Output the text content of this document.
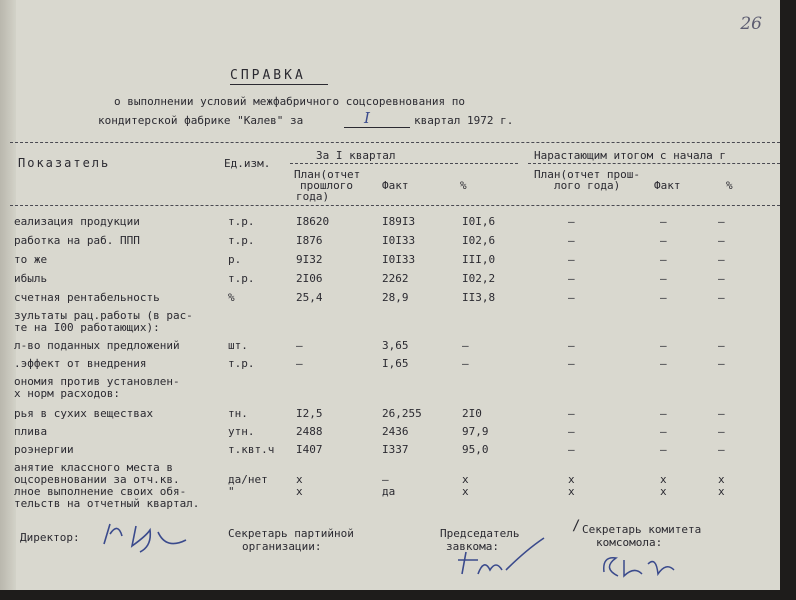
26
СПРАВКА
о выполнении условий межфабричного соцсоревнования по
кондитерской фабрике "Калев" за	I	квартал 1972 г.
Показатель	Ед.изм.
За I квартал	Нарастающим итогом с начала г
План(отчет
прошлого
года)
Факт	%
План(отчет прош-
лого года)	Факт	%
еализация продукции	т.р.	I8620	I89I3	I0I,6	–	–	–
работка на раб. ППП	т.р.	I876	I0I33	I02,6	–	–	–
то же	р.	9I32	I0I33	III,0	–	–	–
ибыль	т.р.	2I06	2262	I02,2	–	–	–
счетная рентабельность	%	25,4	28,9	II3,8	–	–	–
зультаты рац.работы (в рас-
те на I00 работающих):
л-во поданных предложений	шт.	–	3,65	–	–	–	–
.эффект от внедрения	т.р.	–	I,65	–	–	–	–
ономия против установлен-
х норм расходов:
рья в сухих веществах	тн.	I2,5	26,255	2I0	–	–	–
плива	утн.	2488	2436	97,9	–	–	–
роэнергии	т.квт.ч I407	I337	95,0	–	–	–
анятие классного места в
оцсоревновании за отч.кв.	да/нет	х	–	х	х	х	х
лное выполнение своих обя-	"	х	да	х	х	х	х
тельств на отчетный квартал.
Директор:	Секретарь партийной
организации:
Председатель
завкома:
Секретарь комитета
комсомола:
/
